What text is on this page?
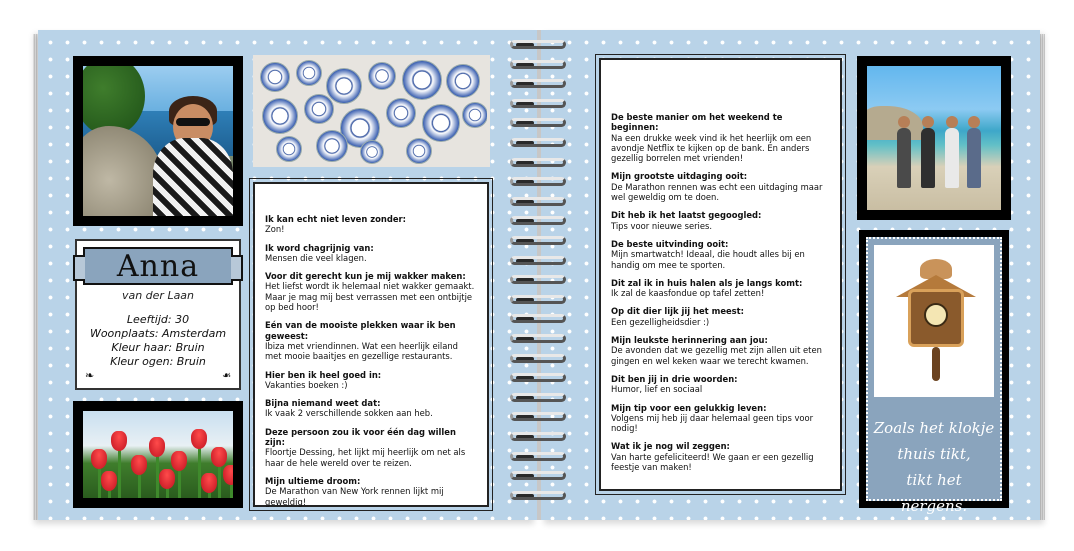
Anna
van der Laan
Leeftijd: 30
Woonplaats: Amsterdam
Kleur haar: Bruin
Kleur ogen: Bruin
❧	❧
Ik kan echt niet leven zonder:
Zon!
Ik word chagrijnig van:
Mensen die veel klagen.
Voor dit gerecht kun je mij wakker maken:
Het liefst wordt ik helemaal niet wakker gemaakt. Maar je mag mij best verrassen met een ontbijtje op bed hoor!
Eén van de mooiste plekken waar ik ben geweest:
Ibiza met vriendinnen. Wat een heerlijk eiland met mooie baaitjes en gezellige restaurants.
Hier ben ik heel goed in:
Vakanties boeken :)
Bijna niemand weet dat:
Ik vaak 2 verschillende sokken aan heb.
Deze persoon zou ik voor één dag willen zijn:
Floortje Dessing, het lijkt mij heerlijk om net als haar de hele wereld over te reizen.
Mijn ultieme droom:
De Marathon van New York rennen lijkt mij geweldig!
De beste manier om het weekend te beginnen:
Na een drukke week vind ik het heerlijk om een avondje Netflix te kijken op de bank. En anders gezellig borrelen met vrienden!
Mijn grootste uitdaging ooit:
De Marathon rennen was echt een uitdaging maar wel geweldig om te doen.
Dit heb ik het laatst gegoogled:
Tips voor nieuwe series.
De beste uitvinding ooit:
Mijn smartwatch! Ideaal, die houdt alles bij en handig om mee te sporten.
Dit zal ik in huis halen als je langs komt:
Ik zal de kaasfondue op tafel zetten!
Op dit dier lijk jij het meest:
Een gezelligheidsdier :)
Mijn leukste herinnering aan jou:
De avonden dat we gezellig met zijn allen uit eten gingen en wel keken waar we terecht kwamen.
Dit ben jij in drie woorden:
Humor, lief en sociaal
Mijn tip voor een gelukkig leven:
Volgens mij heb jij daar helemaal geen tips voor nodig!
Wat ik je nog wil zeggen:
Van harte gefeliciteerd! We gaan er een gezellig feestje van maken!
Zoals het klokje
thuis tikt,
tikt het nergens.
